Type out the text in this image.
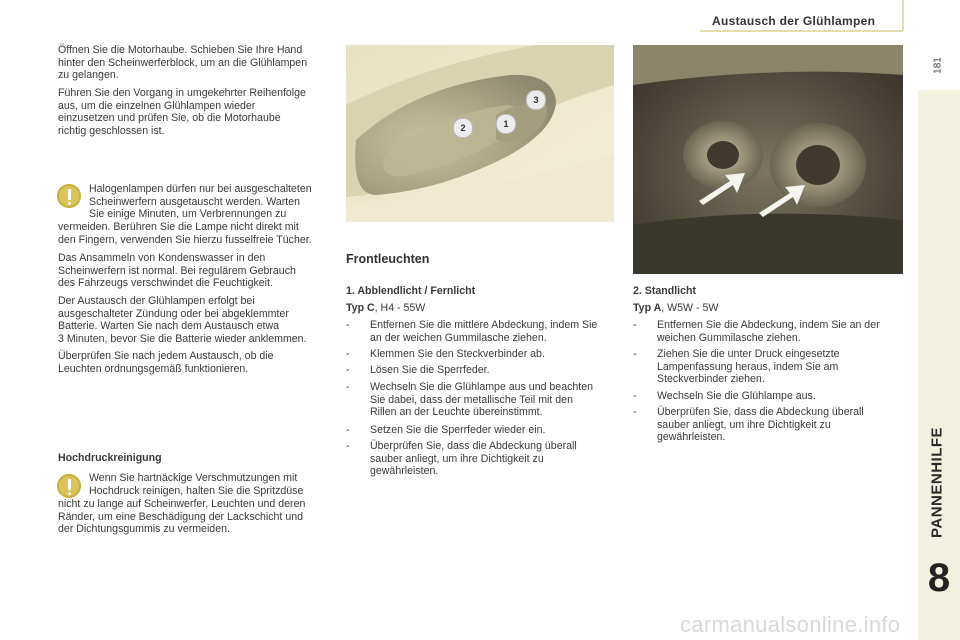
Austausch der Glühlampen
181
PANNENHILFE
8

Öffnen Sie die Motorhaube. Schieben Sie Ihre Hand

hinter den Scheinwerferblock, um an die Glühlampen

zu gelangen.

Führen Sie den Vorgang in umgekehrter Reihenfolge

aus, um die einzelnen Glühlampen wieder

einzusetzen und prüfen Sie, ob die Motorhaube

richtig geschlossen ist.

Halogenlampen dürfen nur bei ausgeschalteten

Scheinwerfern ausgetauscht werden. Warten

Sie einige Minuten, um Verbrennungen zu

vermeiden. Berühren Sie die Lampe nicht direkt mit

den Fingern, verwenden Sie hierzu fusselfreie Tücher.

Das Ansammeln von Kondenswasser in den

Scheinwerfern ist normal. Bei regulärem Gebrauch

des Fahrzeugs verschwindet die Feuchtigkeit.

Der Austausch der Glühlampen erfolgt bei

ausgeschalteter Zündung oder bei abgeklemmter

Batterie. Warten Sie nach dem Austausch etwa

3 Minuten, bevor Sie die Batterie wieder anklemmen.

Überprüfen Sie nach jedem Austausch, ob die

Leuchten ordnungsgemäß funktionieren.

Hochdruckreinigung

Wenn Sie hartnäckige Verschmutzungen mit

Hochdruck reinigen, halten Sie die Spritzdüse

nicht zu lange auf Scheinwerfer, Leuchten und deren

Ränder, um eine Beschädigung der Lackschicht und

der Dichtungsgummis zu vermeiden.

2	1
3
Frontleuchten
1. Abblendlicht / Fernlicht
Typ C, H4 - 55W
- Entfernen Sie die mittlere Abdeckung, indem Sie

an der weichen Gummilasche ziehen.

- Klemmen Sie den Steckverbinder ab.

- Lösen Sie die Sperrfeder.

- Wechseln Sie die Glühlampe aus und beachten

Sie dabei, dass der metallische Teil mit den

Rillen an der Leuchte übereinstimmt.

- Setzen Sie die Sperrfeder wieder ein.

- Überprüfen Sie, dass die Abdeckung überall

sauber anliegt, um ihre Dichtigkeit zu

gewährleisten.

2. Standlicht
Typ A, W5W - 5W
- Entfernen Sie die Abdeckung, indem Sie an der

weichen Gummilasche ziehen.

- Ziehen Sie die unter Druck eingesetzte

Lampenfassung heraus, indem Sie am

Steckverbinder ziehen.

- Wechseln Sie die Glühlampe aus.

- Überprüfen Sie, dass die Abdeckung überall

sauber anliegt, um ihre Dichtigkeit zu

gewährleisten.

carmanualsonline.info
